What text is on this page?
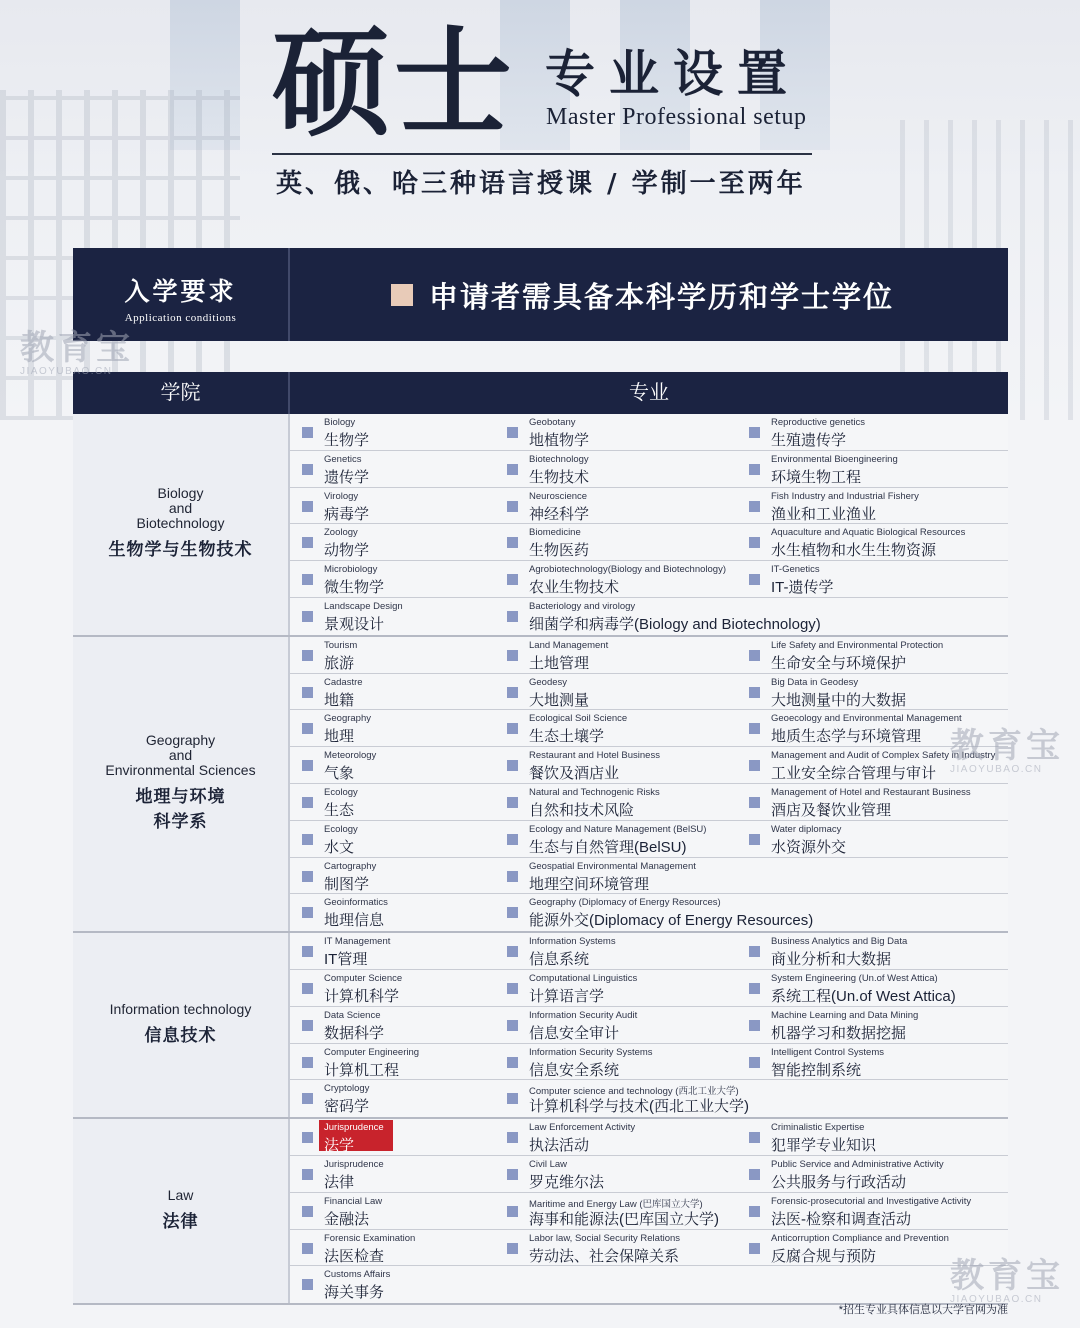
硕士 专业设置
Master Professional setup
英、俄、哈三种语言授课 / 学制一至两年
入学要求
Application conditions
申请者需具备本科学历和学士学位
学院	专业
Biology
and
Biotechnology
生物学与生物技术
Biology
生物学
Geobotany
地植物学
Reproductive genetics
生殖遗传学
Genetics
遗传学
Biotechnology
生物技术
Environmental Bioengineering
环境生物工程
Virology
病毒学
Neuroscience
神经科学
Fish Industry and Industrial Fishery
渔业和工业渔业
Zoology
动物学
Biomedicine
生物医药
Aquaculture and Aquatic Biological Resources
水生植物和水生生物资源
Microbiology
微生物学
Agrobiotechnology(Biology and Biotechnology)
农业生物技术
IT-Genetics
IT-遗传学
Landscape Design
景观设计
Bacteriology and virology
细菌学和病毒学(Biology and Biotechnology)
Geography
and
Environmental Sciences
地理与环境
科学系
Tourism
旅游
Land Management
土地管理
Life Safety and Environmental Protection
生命安全与环境保护
Cadastre
地籍
Geodesy
大地测量
Big Data in Geodesy
大地测量中的大数据
Geography
地理
Ecological Soil Science
生态土壤学
Geoecology and Environmental Management
地质生态学与环境管理
Meteorology
气象
Restaurant and Hotel Business
餐饮及酒店业
Management and Audit of Complex Safety in Industry
工业安全综合管理与审计
Ecology
生态
Natural and Technogenic Risks
自然和技术风险
Management of Hotel and Restaurant Business
酒店及餐饮业管理
Ecology
水文
Ecology and Nature Management (BelSU)
生态与自然管理(BelSU)
Water diplomacy
水资源外交
Cartography
制图学
Geospatial Environmental Management
地理空间环境管理
Geoinformatics
地理信息
Geography (Diplomacy of Energy Resources)
能源外交(Diplomacy of Energy Resources)
Information technology
信息技术
IT Management
IT管理
Information Systems
信息系统
Business Analytics and Big Data
商业分析和大数据
Computer Science
计算机科学
Computational Linguistics
计算语言学
System Engineering (Un.of West Attica)
系统工程(Un.of West Attica)
Data Science
数据科学
Information Security Audit
信息安全审计
Machine Learning and Data Mining
机器学习和数据挖掘
Computer Engineering
计算机工程
Information Security Systems
信息安全系统
Intelligent Control Systems
智能控制系统
Cryptology
密码学
Computer science and technology (西北工业大学)
计算机科学与技术(西北工业大学)
Law
法律
Jurisprudence
法学
Law Enforcement Activity
执法活动
Criminalistic Expertise
犯罪学专业知识
Jurisprudence
法律
Civil Law
罗克维尔法
Public Service and Administrative Activity
公共服务与行政活动
Financial Law
金融法
Maritime and Energy Law (巴库国立大学)
海事和能源法(巴库国立大学)
Forensic-prosecutorial and Investigative Activity
法医-检察和调查活动
Forensic Examination
法医检查
Labor law, Social Security Relations
劳动法、社会保障关系
Anticorruption Compliance and Prevention
反腐合规与预防
Customs Affairs
海关事务
*招生专业具体信息以大学官网为准
教育宝
JIAOYUBAO.CN
教育宝
JIAOYUBAO.CN
教育宝
JIAOYUBAO.CN
